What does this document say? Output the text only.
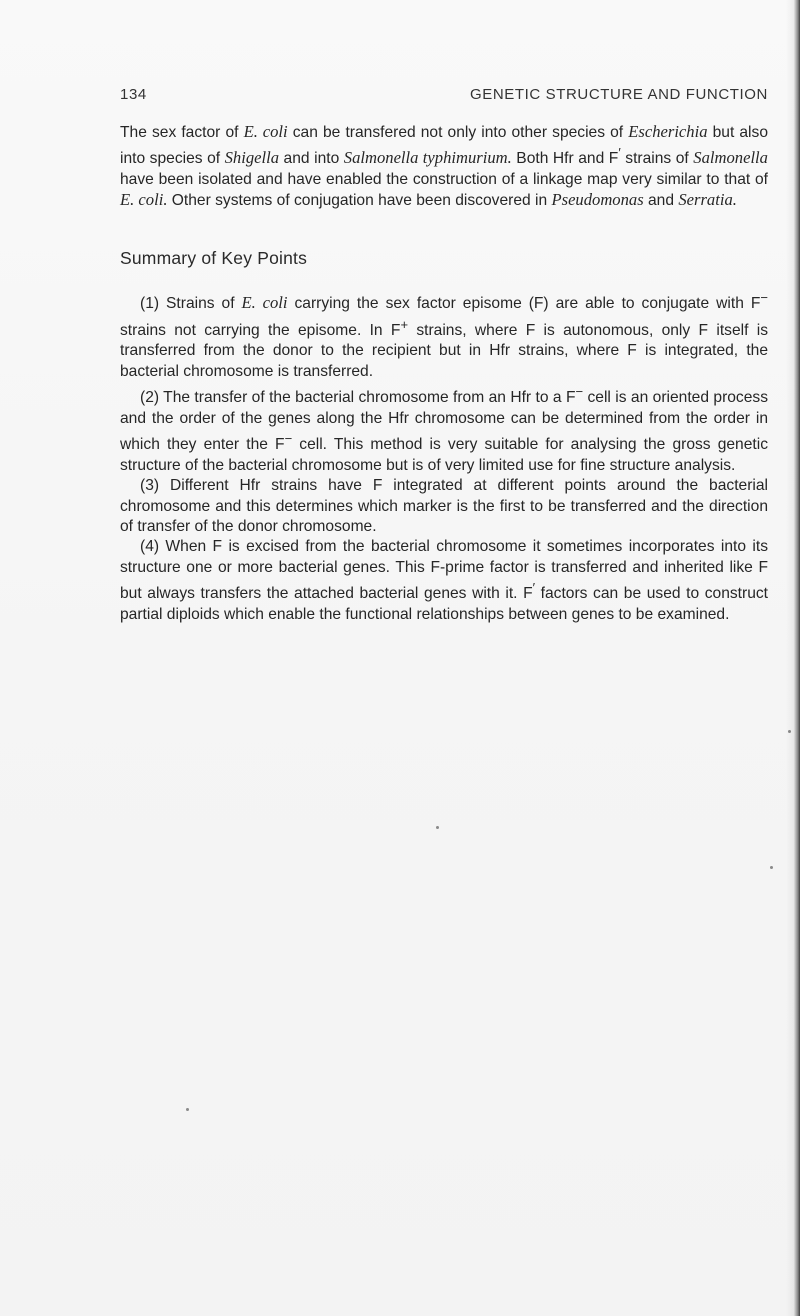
134	GENETIC STRUCTURE AND FUNCTION

The sex factor of E. coli can be transfered not only into other species of Escherichia but also into species of Shigella and into Salmonella typhimurium. Both Hfr and F′ strains of Salmonella have been isolated and have enabled the construction of a linkage map very similar to that of E. coli. Other systems of conjugation have been discovered in Pseudomonas and Serratia.

Summary of Key Points

(1) Strains of E. coli carrying the sex factor episome (F) are able to conjugate with F− strains not carrying the episome. In F+ strains, where F is autonomous, only F itself is transferred from the donor to the recipient but in Hfr strains, where F is integrated, the bacterial chromosome is transferred.

(2) The transfer of the bacterial chromosome from an Hfr to a F− cell is an oriented process and the order of the genes along the Hfr chromosome can be determined from the order in which they enter the F− cell. This method is very suitable for analysing the gross genetic structure of the bacterial chromosome but is of very limited use for fine structure analysis.

(3) Different Hfr strains have F integrated at different points around the bacterial chromosome and this determines which marker is the first to be transferred and the direction of transfer of the donor chromosome.

(4) When F is excised from the bacterial chromosome it sometimes incorporates into its structure one or more bacterial genes. This F-prime factor is transferred and inherited like F but always transfers the attached bacterial genes with it. F′ factors can be used to construct partial diploids which enable the functional relationships between genes to be examined.
